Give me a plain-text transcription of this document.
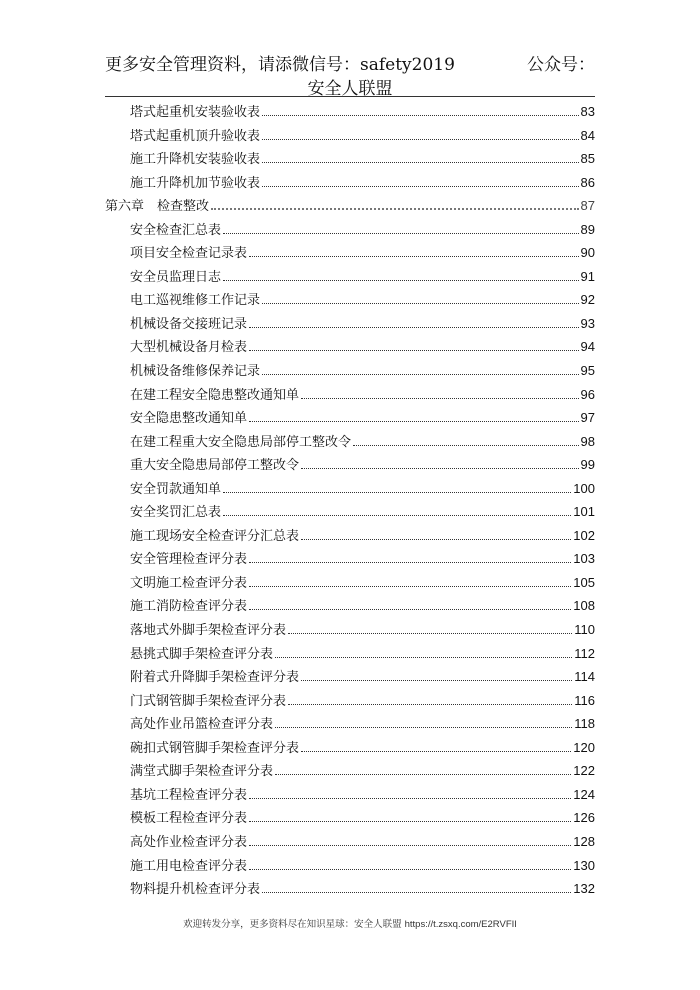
更多安全管理资料，请添微信号：safety2019	公众号：
安全人联盟
塔式起重机安装验收表	83
塔式起重机顶升验收表	84
施工升降机安装验收表	85
施工升降机加节验收表	86
第六章　检查整改	87
安全检查汇总表	89
项目安全检查记录表	90
安全员监理日志	91
电工巡视维修工作记录	92
机械设备交接班记录	93
大型机械设备月检表	94
机械设备维修保养记录	95
在建工程安全隐患整改通知单	96
安全隐患整改通知单	97
在建工程重大安全隐患局部停工整改令	98
重大安全隐患局部停工整改令	99
安全罚款通知单	100
安全奖罚汇总表	101
施工现场安全检查评分汇总表	102
安全管理检查评分表	103
文明施工检查评分表	105
施工消防检查评分表	108
落地式外脚手架检查评分表	110
悬挑式脚手架检查评分表	112
附着式升降脚手架检查评分表	114
门式钢管脚手架检查评分表	116
高处作业吊篮检查评分表	118
碗扣式钢管脚手架检查评分表	120
满堂式脚手架检查评分表	122
基坑工程检查评分表	124
模板工程检查评分表	126
高处作业检查评分表	128
施工用电检查评分表	130
物料提升机检查评分表	132
欢迎转发分享，更多资料尽在知识星球：安全人联盟 https://t.zsxq.com/E2RVFII
